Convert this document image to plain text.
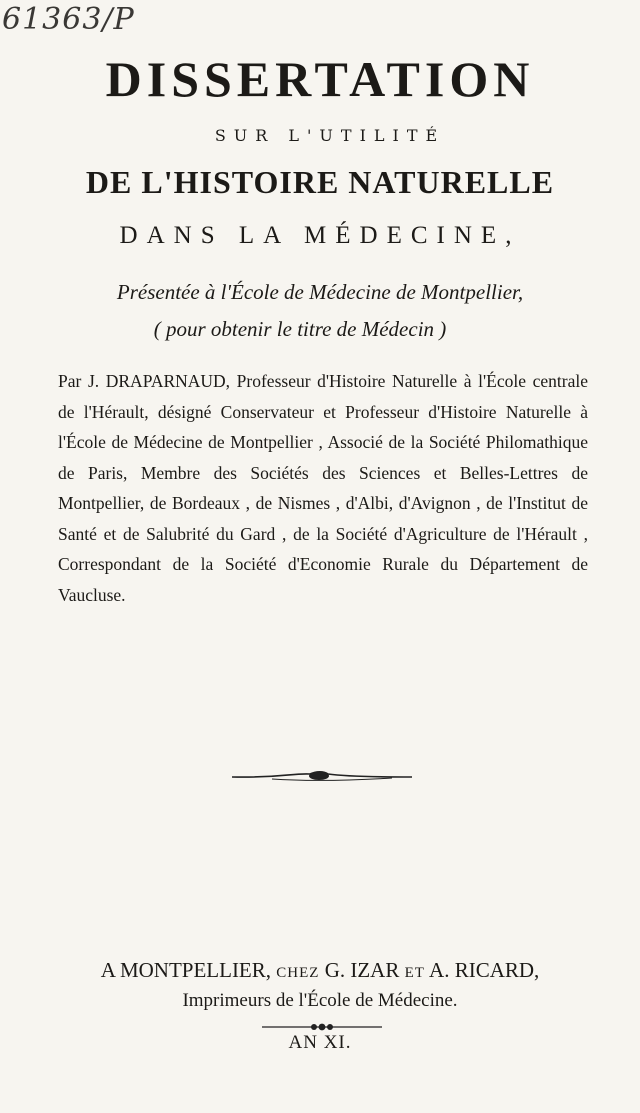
61363/P
DISSERTATION
SUR L'UTILITÉ
DE L'HISTOIRE NATURELLE
DANS LA MÉDECINE,
Présentée à l'École de Médecine de Montpellier,
( pour obtenir le titre de Médecin )

Par J. DRAPARNAUD, Professeur d'Histoire Naturelle à l'École centrale de l'Hérault, désigné Conservateur et Professeur d'Histoire Naturelle à l'École de Médecine de Montpellier , Associé de la Société Philomathique de Paris, Membre des Sociétés des Sciences et Belles-Lettres de Montpellier, de Bordeaux , de Nismes , d'Albi, d'Avignon , de l'Institut de Santé et de Salubrité du Gard , de la Société d'Agriculture de l'Hérault , Correspondant de la Société d'Economie Rurale du Département de Vaucluse.

A MONTPELLIER, CHEZ G. IZAR ET A. RICARD,
Imprimeurs de l'École de Médecine.
AN XI.
